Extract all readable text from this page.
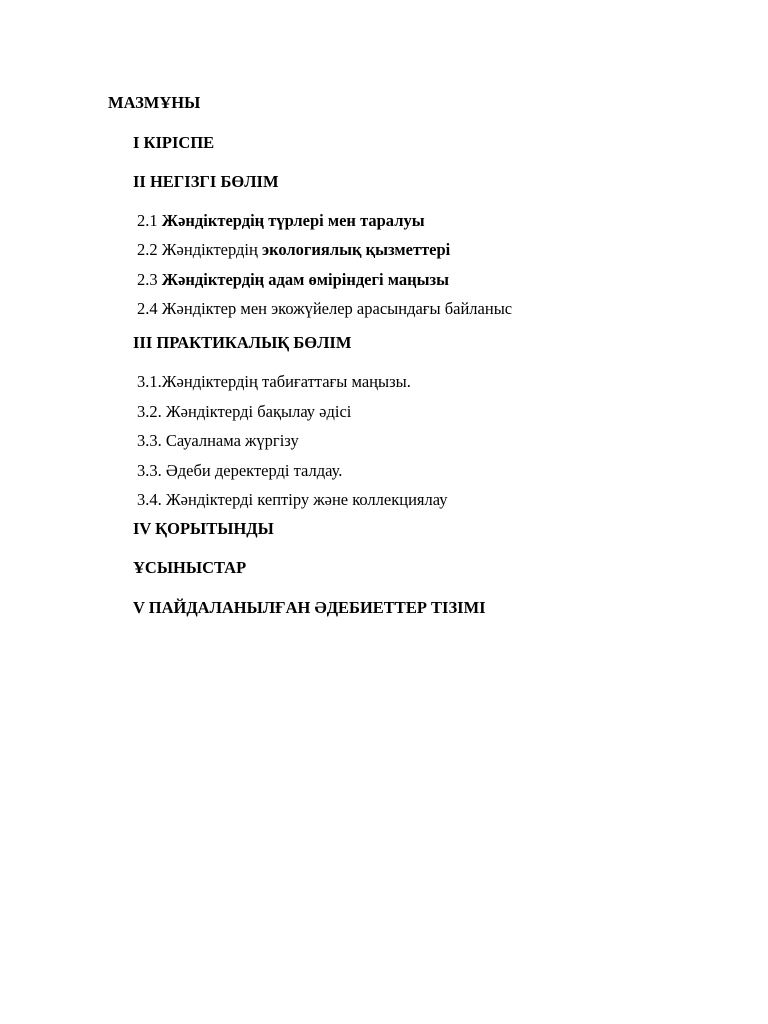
МАЗМҰНЫ
I КІРІСПЕ
II НЕГІЗГІ БӨЛІМ
2.1 Жәндіктердің түрлері мен таралуы
2.2 Жәндіктердің экологиялық қызметтері
2.3 Жәндіктердің адам өміріндегі маңызы
2.4 Жәндіктер мен экожүйелер арасындағы байланыс
III ПРАКТИКАЛЫҚ БӨЛІМ
3.1.Жәндіктердің табиғаттағы маңызы.
3.2. Жәндіктерді бақылау әдісі
3.3. Сауалнама жүргізу
3.3. Әдеби деректерді талдау.
3.4. Жәндіктерді кептіру және коллекциялау
IV ҚОРЫТЫНДЫ
ҰСЫНЫСТАР
V ПАЙДАЛАНЫЛҒАН ӘДЕБИЕТТЕР ТІЗІМІ
